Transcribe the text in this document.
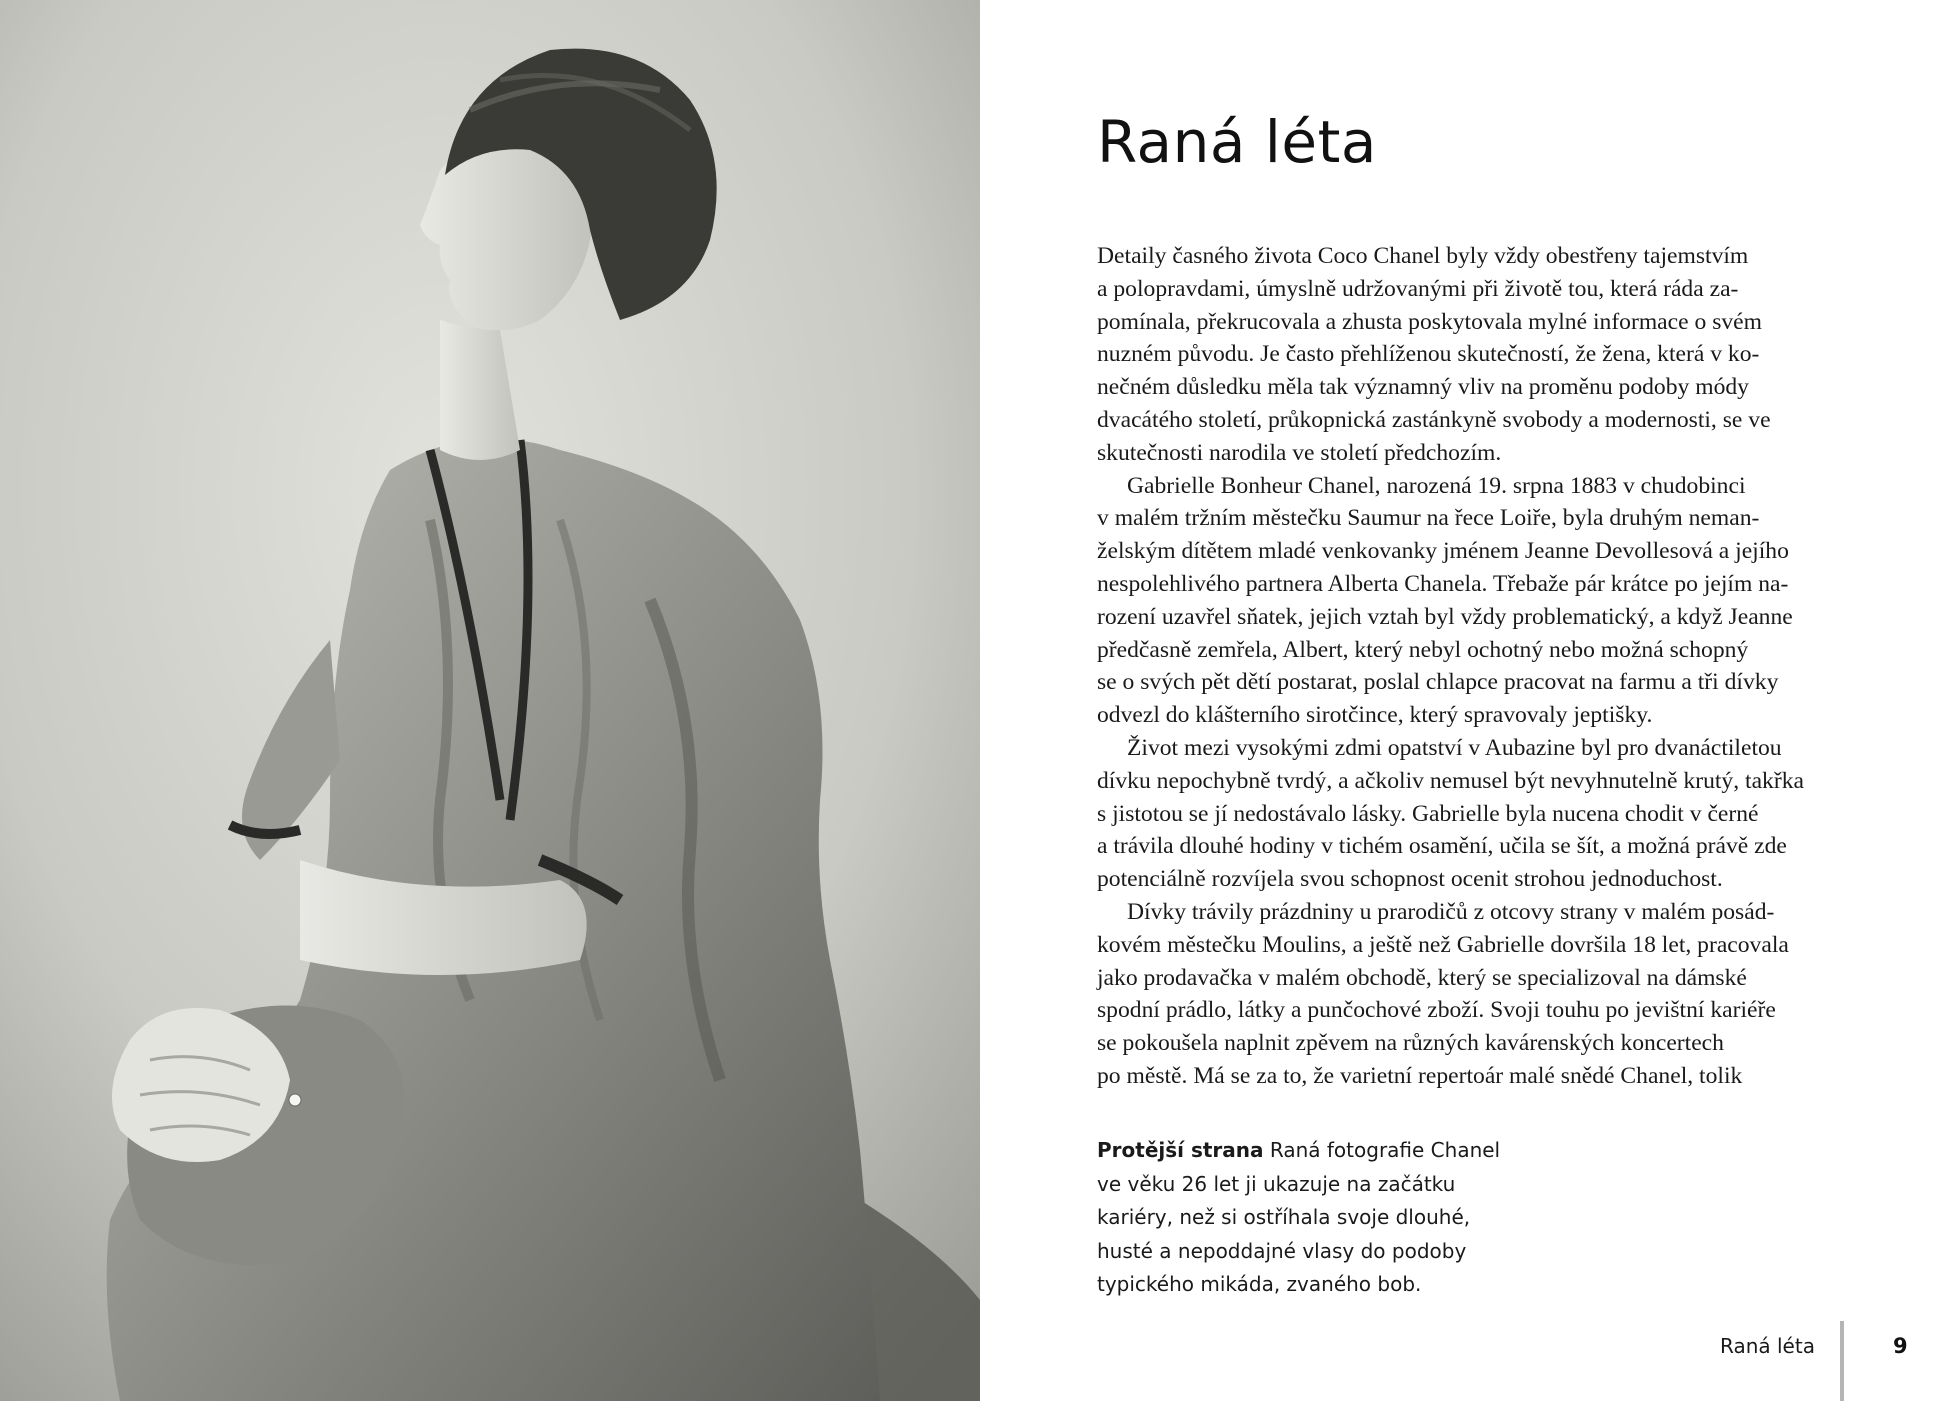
Raná léta
Detaily časného života Coco Chanel byly vždy obestřeny tajemstvím
a polopravdami, úmyslně udržovanými při životě tou, která ráda za-
pomínala, překrucovala a zhusta poskytovala mylné informace o svém
nuzném původu. Je často přehlíženou skutečností, že žena, která v ko-
nečném důsledku měla tak významný vliv na proměnu podoby módy
dvacátého století, průkopnická zastánkyně svobody a modernosti, se ve
skutečnosti narodila ve století předchozím.
Gabrielle Bonheur Chanel, narozená 19. srpna 1883 v chudobinci
v malém tržním městečku Saumur na řece Loiře, byla druhým neman-
želským dítětem mladé venkovanky jménem Jeanne Devollesová a jejího
nespolehlivého partnera Alberta Chanela. Třebaže pár krátce po jejím na-
rození uzavřel sňatek, jejich vztah byl vždy problematický, a když Jeanne
předčasně zemřela, Albert, který nebyl ochotný nebo možná schopný
se o svých pět dětí postarat, poslal chlapce pracovat na farmu a tři dívky
odvezl do klášterního sirotčince, který spravovaly jeptišky.
Život mezi vysokými zdmi opatství v Aubazine byl pro dvanáctiletou
dívku nepochybně tvrdý, a ačkoliv nemusel být nevyhnutelně krutý, takřka
s jistotou se jí nedostávalo lásky. Gabrielle byla nucena chodit v černé
a trávila dlouhé hodiny v tichém osamění, učila se šít, a možná právě zde
potenciálně rozvíjela svou schopnost ocenit strohou jednoduchost.
Dívky trávily prázdniny u prarodičů z otcovy strany v malém posád-
kovém městečku Moulins, a ještě než Gabrielle dovršila 18 let, pracovala
jako prodavačka v malém obchodě, který se specializoval na dámské
spodní prádlo, látky a punčochové zboží. Svoji touhu po jevištní kariéře
se pokoušela naplnit zpěvem na různých kavárenských koncertech
po městě. Má se za to, že varietní repertoár malé snědé Chanel, tolik
Protější strana Raná fotografie Chanel
ve věku 26 let ji ukazuje na začátku
kariéry, než si ostříhala svoje dlouhé,
husté a nepoddajné vlasy do podoby
typického mikáda, zvaného bob.
Raná léta	9
